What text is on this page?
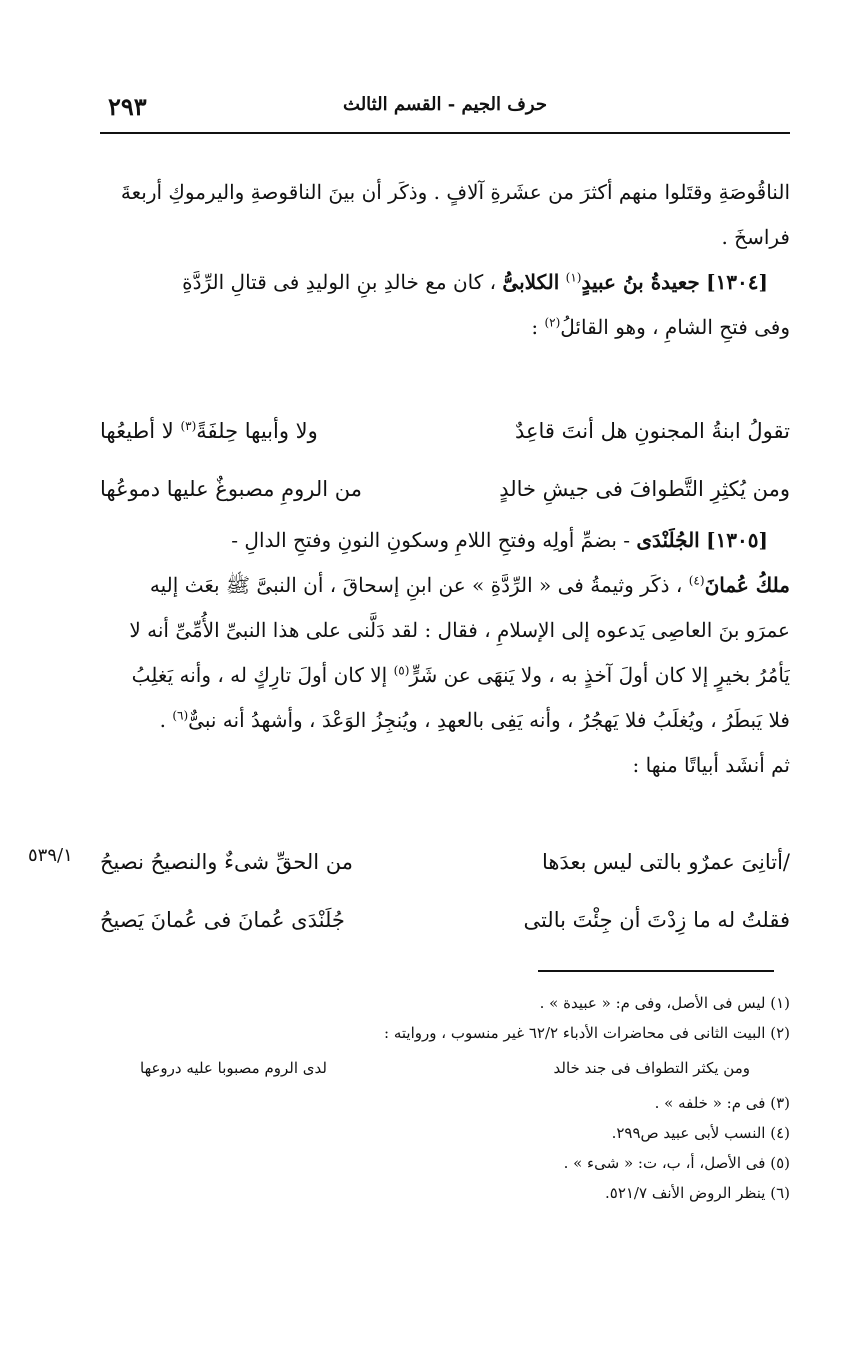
٢٩٣	حرف الجيم - القسم الثالث
الناقُوصَةِ وقتَلوا منهم أكثرَ من عشَرةِ آلافٍ . وذكَر أن بينَ الناقوصةِ واليرموكِ أربعةَ
فراسخَ .
[١٣٠٤] جعيدةُ بنُ عبيدٍ$^{(١)}$ الكلابىُّ ، كان مع خالدِ بنِ الوليدِ فى قتالِ الرِّدَّةِ
وفى فتحِ الشامِ ، وهو القائلُ$^{(٢)}$ :
تقولُ ابنةُ المجنونِ هل أنتَ قاعِدٌ
ولا وأبيها حِلفَةً$^{(٣)}$ لا أطيعُها
ومن يُكثِرِ التَّطوافَ فى جيشِ خالدٍ
من الرومِ مصبوغٌ عليها دموعُها
[١٣٠٥] الجُلَنْدَى - بضمِّ أولِه وفتحِ اللامِ وسكونِ النونِ وفتحِ الدالِ -
ملكُ عُمانَ$^{(٤)}$ ، ذكَر وثيمةُ فى « الرِّدَّةِ » عن ابنِ إسحاقَ ، أن النبىَّ ﷺ بعَث إليه
عمرَو بنَ العاصِى يَدعوه إلى الإسلامِ ، فقال : لقد دَلَّنى على هذا النبىِّ الأُمِّىِّ أنه لا
يَأمُرُ بخيرٍ إلا كان أولَ آخذٍ به ، ولا يَنهَى عن شَرٍّ$^{(٥)}$ إلا كان أولَ تارِكٍ له ، وأنه يَغلِبُ
فلا يَبطَرُ ، ويُغلَبُ فلا يَهجُرُ ، وأنه يَفِى بالعهدِ ، ويُنجِزُ الوَعْدَ ، وأشهدُ أنه نبىٌّ$^{(٦)}$ .
ثم أنشَد أبياتًا منها :
٥٣٩/١	/أتانِىَ عمرٌو بالتى ليس بعدَها
من الحقِّ شىءٌ والنصيحُ نصيحُ
فقلتُ له ما زِدْتَ أن جِئْتَ بالتى
جُلَنْدَى عُمانَ فى عُمانَ يَصيحُ
(١) ليس فى الأصل، وفى م: « عبيدة » .
(٢) البيت الثانى فى محاضرات الأدباء ٦٢/٢ غير منسوب ، وروايته :
ومن يكثر التطواف فى جند خالد
لدى الروم مصبوبا عليه دروعها
(٣) فى م: « خلفه » .
(٤) النسب لأبى عبيد ص٢٩٩.
(٥) فى الأصل، أ، ب، ت: « شىء » .
(٦) ينظر الروض الأنف ٥٢١/٧.
